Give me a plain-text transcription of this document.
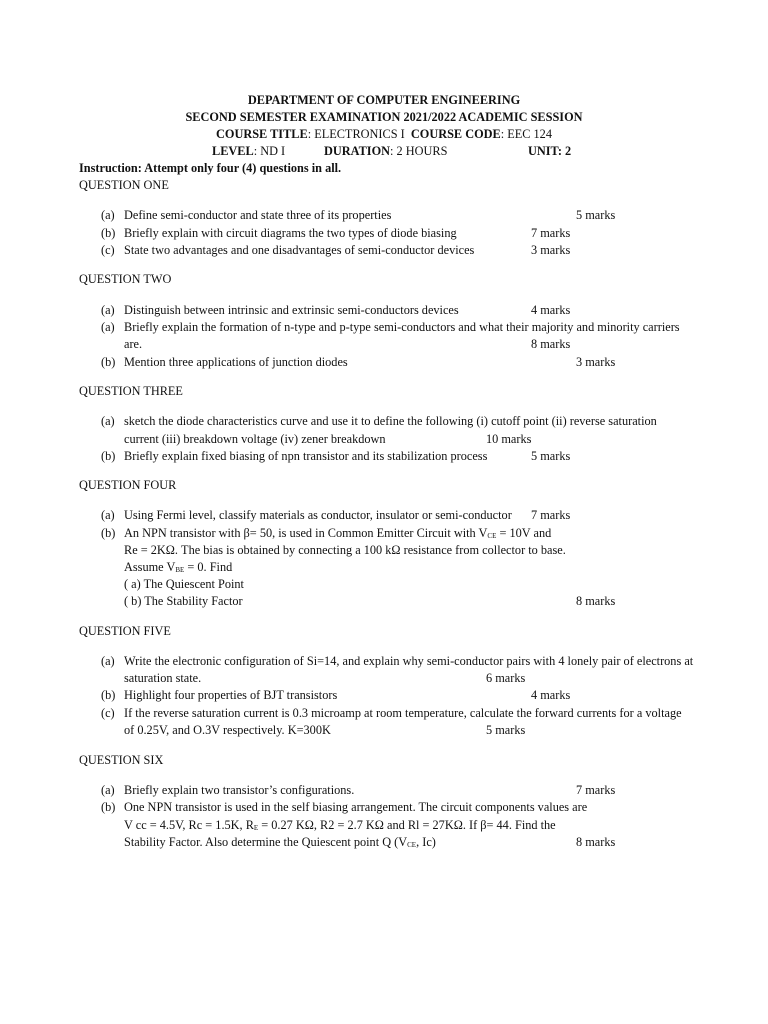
DEPARTMENT OF COMPUTER ENGINEERING
SECOND SEMESTER EXAMINATION 2021/2022 ACADEMIC SESSION
COURSE TITLE: ELECTRONICS I COURSE CODE: EEC 124
LEVEL: ND I	DURATION: 2 HOURS	UNIT: 2
Instruction: Attempt only four (4) questions in all.
QUESTION ONE
(a) Define semi-conductor and state three of its properties	5 marks
(b) Briefly explain with circuit diagrams the two types of diode biasing	7 marks
(c) State two advantages and one disadvantages of semi-conductor devices	3 marks
QUESTION TWO
(a) Distinguish between intrinsic and extrinsic semi-conductors devices	4 marks
(a) Briefly explain the formation of n-type and p-type semi-conductors and what their majority and minority carriers
are.	8 marks
(b) Mention three applications of junction diodes	3 marks
QUESTION THREE
(a) sketch the diode characteristics curve and use it to define the following (i) cutoff point (ii) reverse saturation
current (iii) breakdown voltage (iv) zener breakdown	10 marks
(b) Briefly explain fixed biasing of npn transistor and its stabilization process	5 marks
QUESTION FOUR
(a) Using Fermi level, classify materials as conductor, insulator or semi-conductor 7 marks
(b) An NPN transistor with β= 50, is used in Common Emitter Circuit with $V_{CE} = 10V$ and
Re = 2KΩ. The bias is obtained by connecting a 100 kΩ resistance from collector to base.
Assume $V_{BE} = 0$. Find
( a) The Quiescent Point
( b) The Stability Factor	8 marks
QUESTION FIVE
(a) Write the electronic configuration of Si=14, and explain why semi-conductor pairs with 4 lonely pair of electrons at
saturation state.	6 marks
(b) Highlight four properties of BJT transistors	4 marks
(c) If the reverse saturation current is 0.3 microamp at room temperature, calculate the forward currents for a voltage
of 0.25V, and O.3V respectively. K=300K	5 marks
QUESTION SIX
(a) Briefly explain two transistor’s configurations.	7 marks
(b) One NPN transistor is used in the self biasing arrangement. The circuit components values are
V cc = 4.5V, Rc = 1.5K, $R_E = 0.27$ KΩ, R2 = 2.7 KΩ and Rl = 27KΩ. If β= 44. Find the
Stability Factor. Also determine the Quiescent point Q ($V_{CE}$, Ic)	8 marks
